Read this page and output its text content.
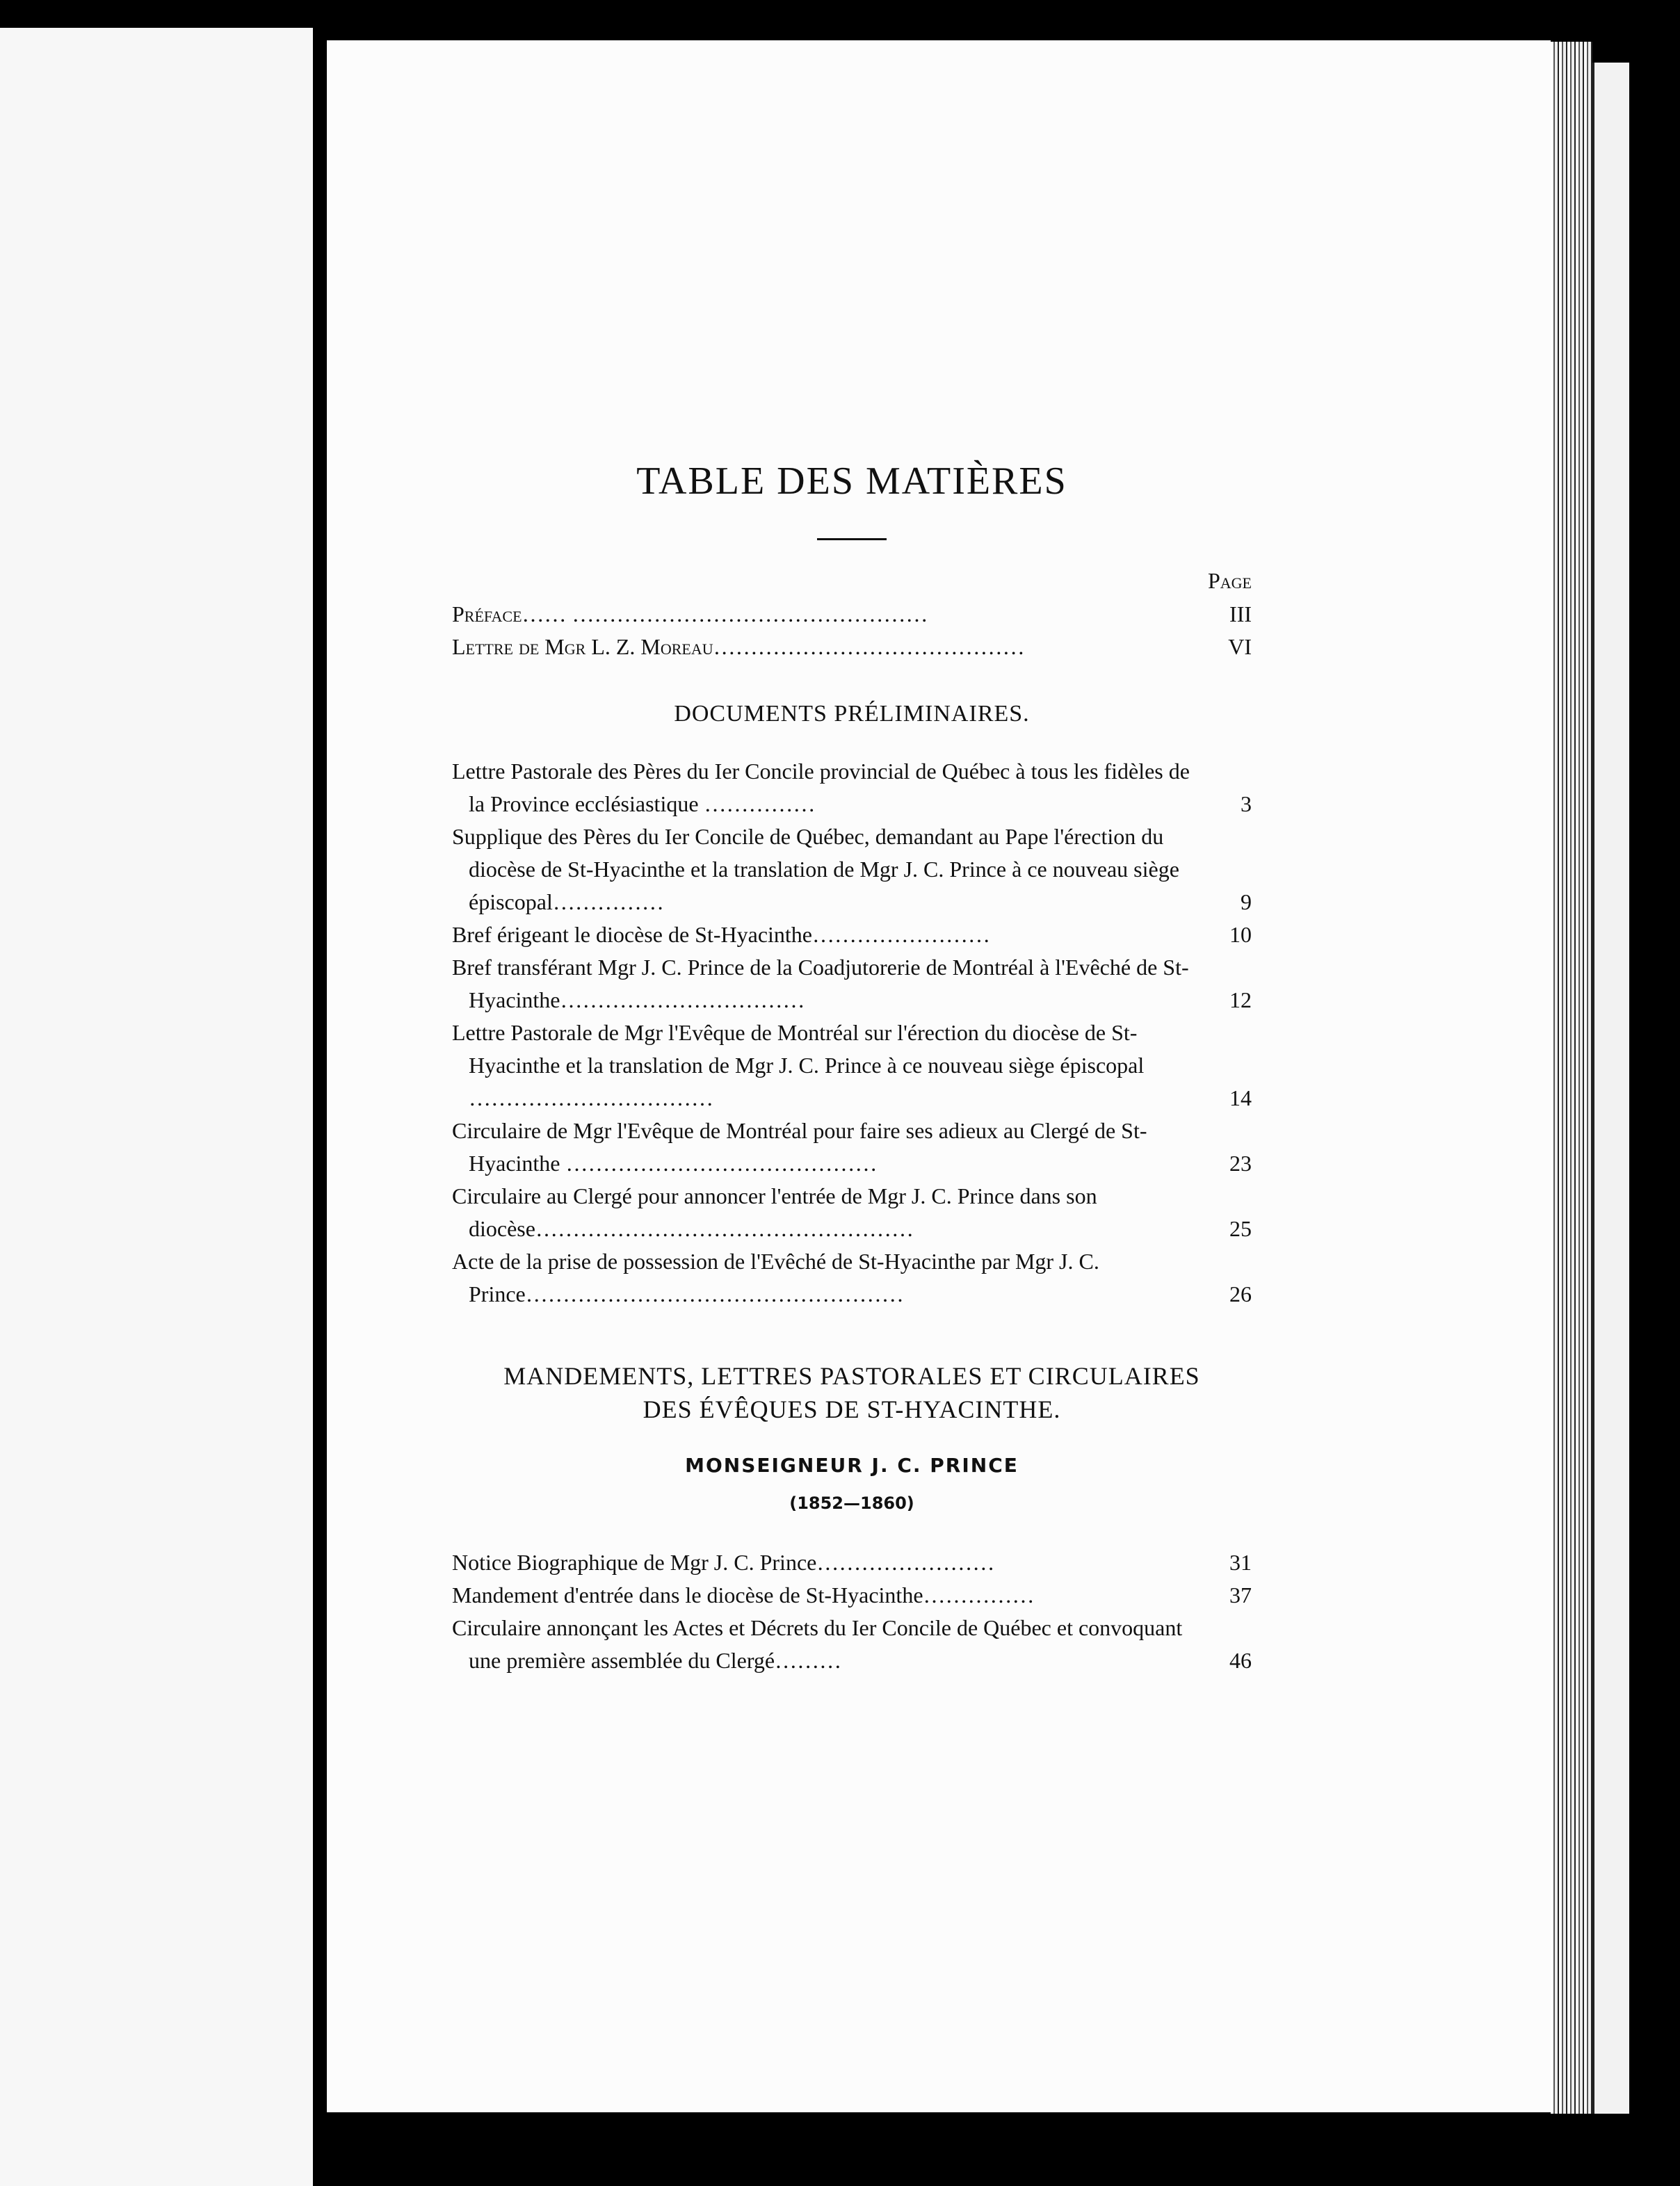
TABLE DES MATIÈRES
Page
Préface…… …………………………………………	III
Lettre de Mgr L. Z. Moreau……………………………………	VI
DOCUMENTS PRÉLIMINAIRES.
Lettre Pastorale des Pères du Ier Concile provincial de Québec à tous les fidèles de la Province ecclésiastique ……………	3
Supplique des Pères du Ier Concile de Québec, demandant au Pape l'érection du diocèse de St-Hyacinthe et la translation de Mgr J. C. Prince à ce nouveau siège épiscopal……………	9
Bref érigeant le diocèse de St-Hyacinthe……………………	10
Bref transférant Mgr J. C. Prince de la Coadjutorerie de Montréal à l'Evêché de St-Hyacinthe……………………………	12
Lettre Pastorale de Mgr l'Evêque de Montréal sur l'érection du diocèse de St-Hyacinthe et la translation de Mgr J. C. Prince à ce nouveau siège épiscopal ……………………………	14
Circulaire de Mgr l'Evêque de Montréal pour faire ses adieux au Clergé de St-Hyacinthe ……………………………………	23
Circulaire au Clergé pour annoncer l'entrée de Mgr J. C. Prince dans son diocèse……………………………………………	25
Acte de la prise de possession de l'Evêché de St-Hyacinthe par Mgr J. C. Prince……………………………………………	26
MANDEMENTS, LETTRES PASTORALES ET CIRCULAIRES
DES ÉVÊQUES DE ST-HYACINTHE.
MONSEIGNEUR J. C. PRINCE
(1852—1860)
Notice Biographique de Mgr J. C. Prince……………………	31
Mandement d'entrée dans le diocèse de St-Hyacinthe……………	37
Circulaire annonçant les Actes et Décrets du Ier Concile de Québec et convoquant une première assemblée du Clergé………	46
